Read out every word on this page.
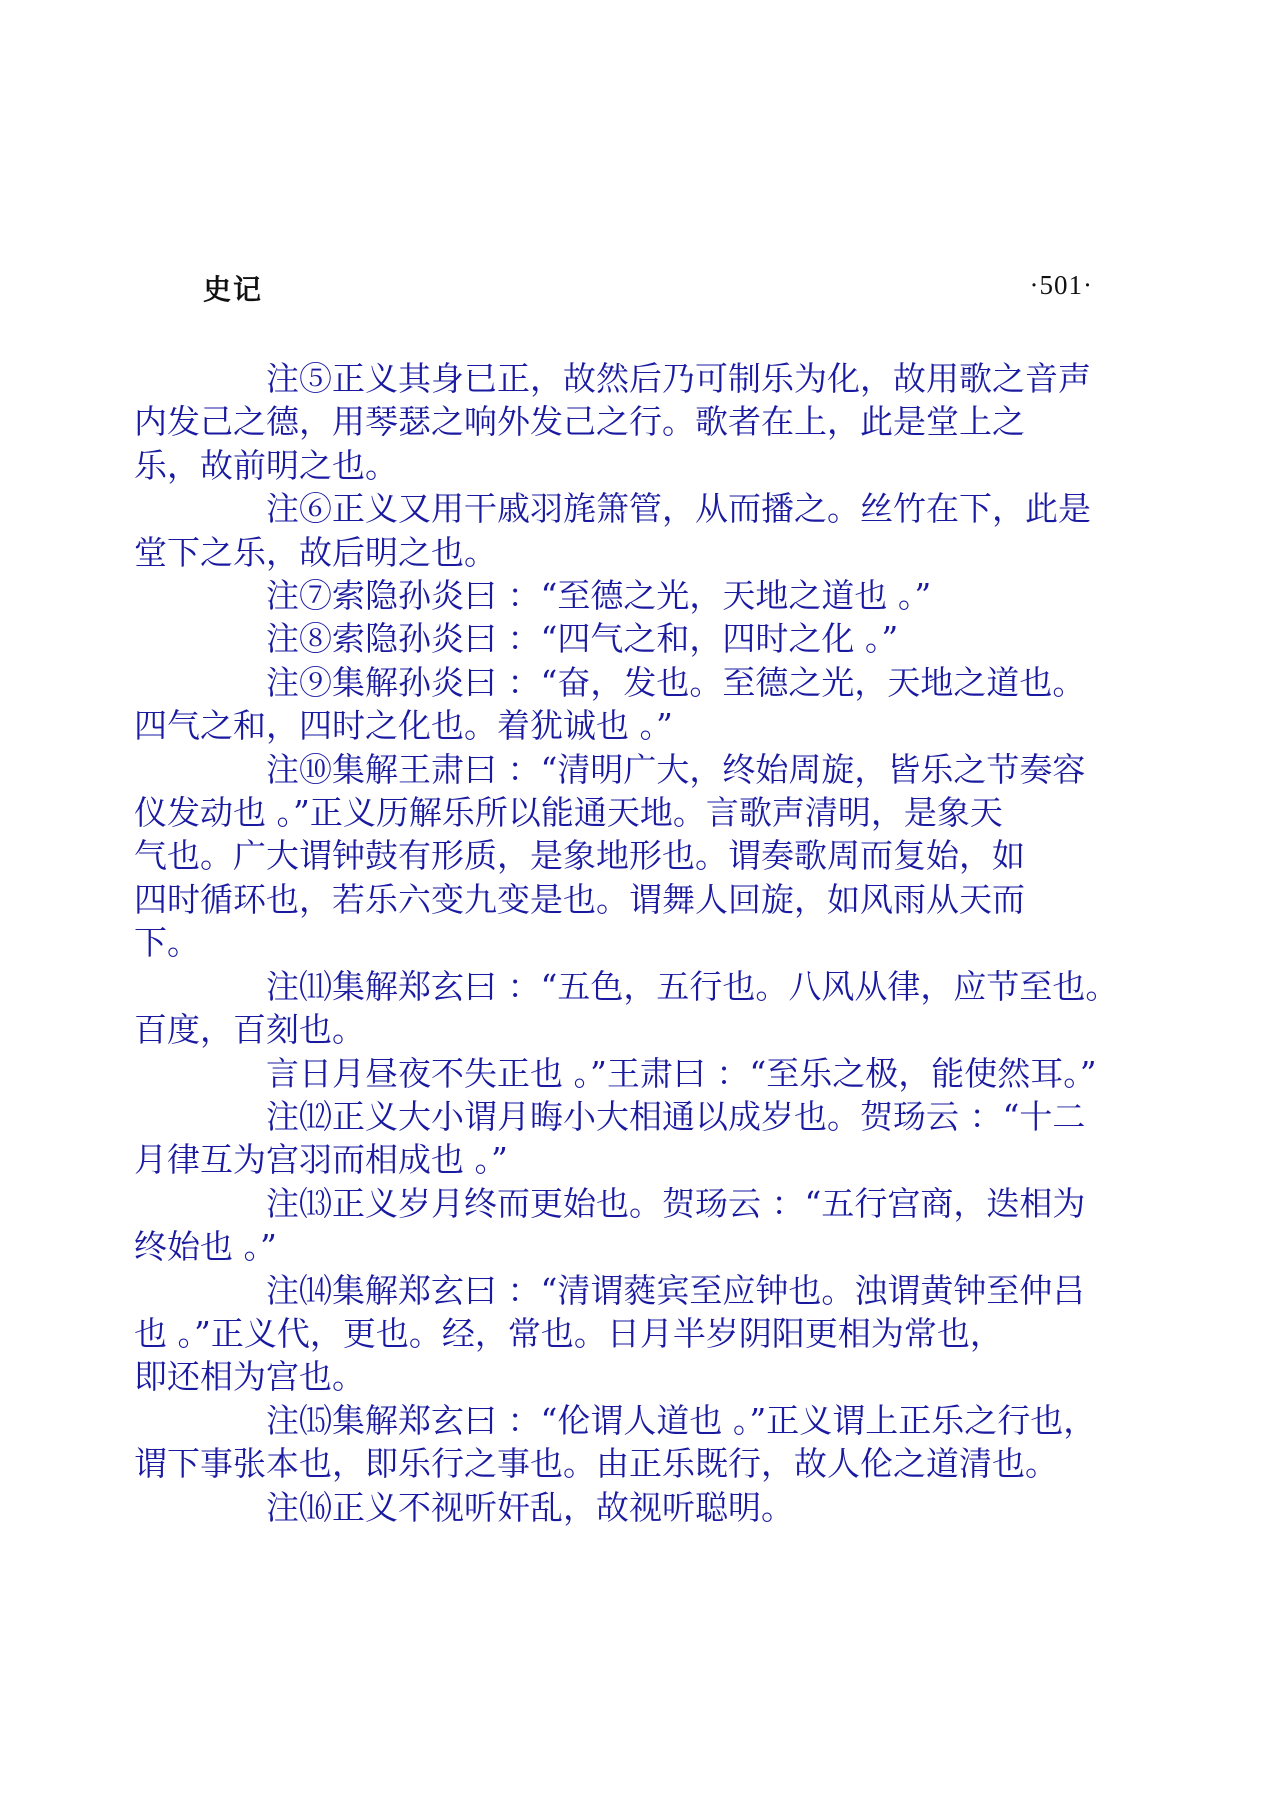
史记	·501·

注⑤正义其身已正，故然后乃可制乐为化，故用歌之音声
内发己之德，用琴瑟之响外发己之行。歌者在上，此是堂上之
乐，故前明之也。

注⑥正义又用干戚羽旄箫管，从而播之。丝竹在下，此是
堂下之乐，故后明之也。

注⑦索隐孙炎曰 ：“至德之光，天地之道也 。”

注⑧索隐孙炎曰 ：“四气之和，四时之化 。”

注⑨集解孙炎曰 ：“奋，发也。至德之光，天地之道也。
四气之和，四时之化也。着犹诚也 。”

注⑩集解王肃曰 ：“清明广大，终始周旋，皆乐之节奏容
仪发动也 。”正义历解乐所以能通天地。言歌声清明，是象天
气也。广大谓钟鼓有形质，是象地形也。谓奏歌周而复始，如
四时循环也，若乐六变九变是也。谓舞人回旋，如风雨从天而
下。

注⑾集解郑玄曰 ：“五色，五行也。八风从律，应节至也。
百度，百刻也。

言日月昼夜不失正也 。”王肃曰 ：“至乐之极，能使然耳。”

注⑿正义大小谓月晦小大相通以成岁也。贺玚云 ：“十二
月律互为宫羽而相成也 。”

注⒀正义岁月终而更始也。贺玚云 ：“五行宫商，迭相为
终始也 。”

注⒁集解郑玄曰 ：“清谓蕤宾至应钟也。浊谓黄钟至仲吕
也 。”正义代，更也。经，常也。日月半岁阴阳更相为常也，
即还相为宫也。

注⒂集解郑玄曰 ：“伦谓人道也 。”正义谓上正乐之行也，
谓下事张本也，即乐行之事也。由正乐既行，故人伦之道清也。

注⒃正义不视听奸乱，故视听聪明。
